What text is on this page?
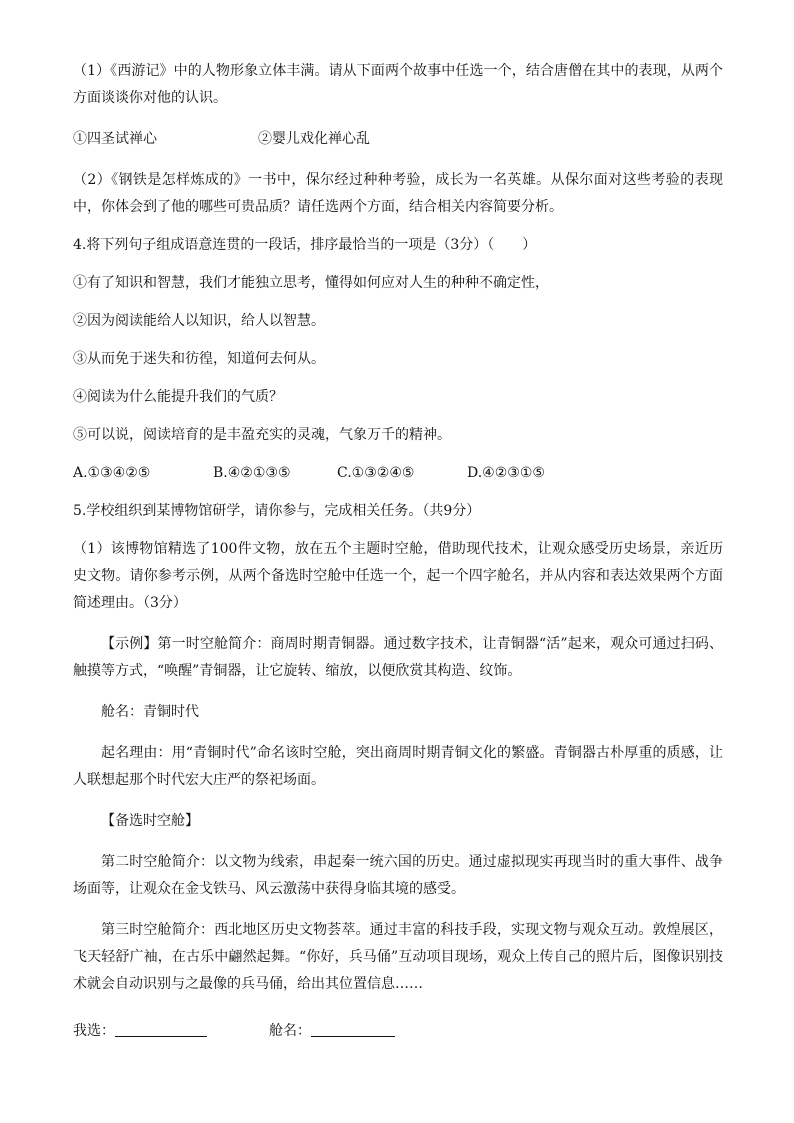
（1）《西游记》中的人物形象立体丰满。请从下面两个故事中任选一个，结合唐僧在其中的表现，从两个方面谈谈你对他的认识。

①四圣试禅心	②婴儿戏化禅心乱

（2）《钢铁是怎样炼成的》一书中，保尔经过种种考验，成长为一名英雄。从保尔面对这些考验的表现中，你体会到了他的哪些可贵品质？请任选两个方面，结合相关内容简要分析。

4.将下列句子组成语意连贯的一段话，排序最恰当的一项是（3分）（　　）

①有了知识和智慧，我们才能独立思考，懂得如何应对人生的种种不确定性，

②因为阅读能给人以知识，给人以智慧。

③从而免于迷失和彷徨，知道何去何从。

④阅读为什么能提升我们的气质？

⑤可以说，阅读培育的是丰盈充实的灵魂，气象万千的精神。

A.①③④②⑤	B.④②①③⑤	C.①③②④⑤	D.④②③①⑤

5.学校组织到某博物馆研学，请你参与，完成相关任务。（共9分）

（1）该博物馆精选了100件文物，放在五个主题时空舱，借助现代技术，让观众感受历史场景，亲近历史文物。请你参考示例，从两个备选时空舱中任选一个，起一个四字舱名，并从内容和表达效果两个方面简述理由。（3分）

【示例】第一时空舱简介：商周时期青铜器。通过数字技术，让青铜器“活”起来，观众可通过扫码、触摸等方式，“唤醒”青铜器，让它旋转、缩放，以便欣赏其构造、纹饰。

舱名：青铜时代

起名理由：用“青铜时代”命名该时空舱，突出商周时期青铜文化的繁盛。青铜器古朴厚重的质感，让人联想起那个时代宏大庄严的祭祀场面。

【备选时空舱】

第二时空舱简介：以文物为线索，串起秦一统六国的历史。通过虚拟现实再现当时的重大事件、战争场面等，让观众在金戈铁马、风云激荡中获得身临其境的感受。

第三时空舱简介：西北地区历史文物荟萃。通过丰富的科技手段，实现文物与观众互动。敦煌展区，飞天轻舒广袖，在古乐中翩然起舞。“你好，兵马俑”互动项目现场，观众上传自己的照片后，图像识别技术就会自动识别与之最像的兵马俑，给出其位置信息……

我选：	舱名：
